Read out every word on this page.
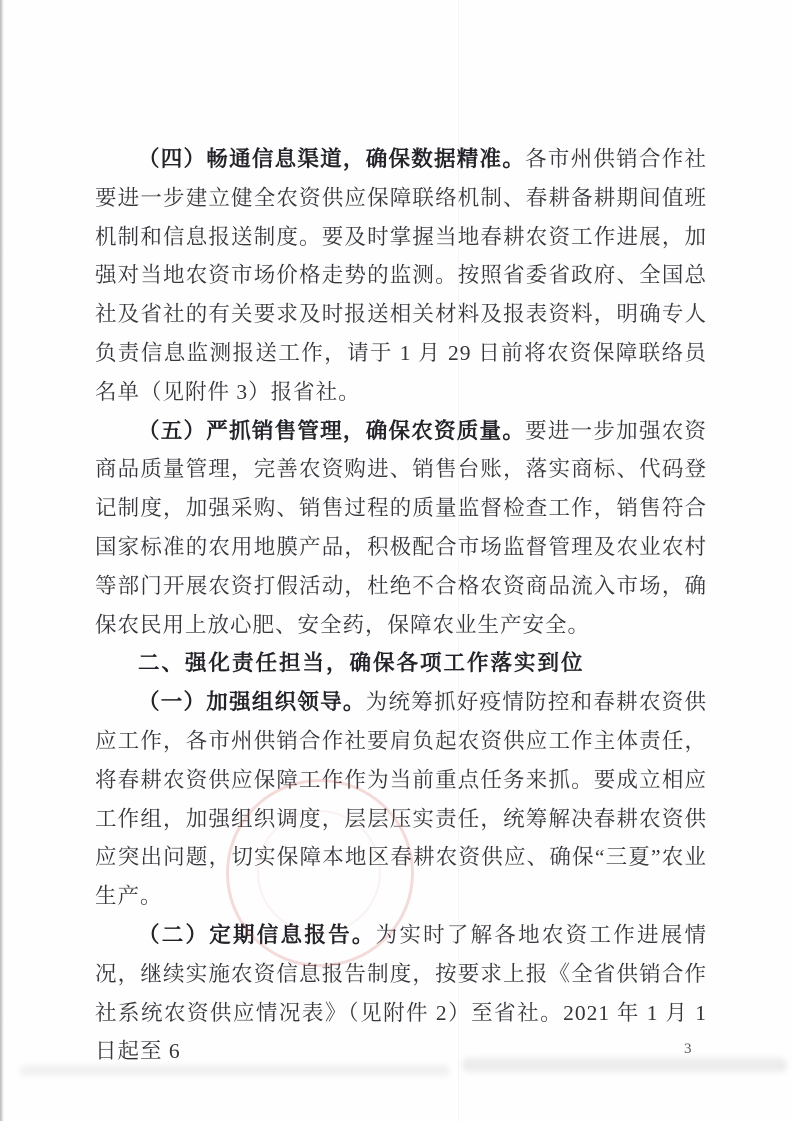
（四）畅通信息渠道，确保数据精准。各市州供销合作社要进一步建立健全农资供应保障联络机制、春耕备耕期间值班机制和信息报送制度。要及时掌握当地春耕农资工作进展，加强对当地农资市场价格走势的监测。按照省委省政府、全国总社及省社的有关要求及时报送相关材料及报表资料，明确专人负责信息监测报送工作，请于 1 月 29 日前将农资保障联络员名单（见附件 3）报省社。

（五）严抓销售管理，确保农资质量。要进一步加强农资商品质量管理，完善农资购进、销售台账，落实商标、代码登记制度，加强采购、销售过程的质量监督检查工作，销售符合国家标准的农用地膜产品，积极配合市场监督管理及农业农村等部门开展农资打假活动，杜绝不合格农资商品流入市场，确保农民用上放心肥、安全药，保障农业生产安全。

二、强化责任担当，确保各项工作落实到位

（一）加强组织领导。为统筹抓好疫情防控和春耕农资供应工作，各市州供销合作社要肩负起农资供应工作主体责任，将春耕农资供应保障工作作为当前重点任务来抓。要成立相应工作组，加强组织调度，层层压实责任，统筹解决春耕农资供应突出问题，切实保障本地区春耕农资供应、确保“三夏”农业生产。

（二）定期信息报告。为实时了解各地农资工作进展情况，继续实施农资信息报告制度，按要求上报《全省供销合作社系统农资供应情况表》（见附件 2）至省社。2021 年 1 月 1 日起至 6	3
